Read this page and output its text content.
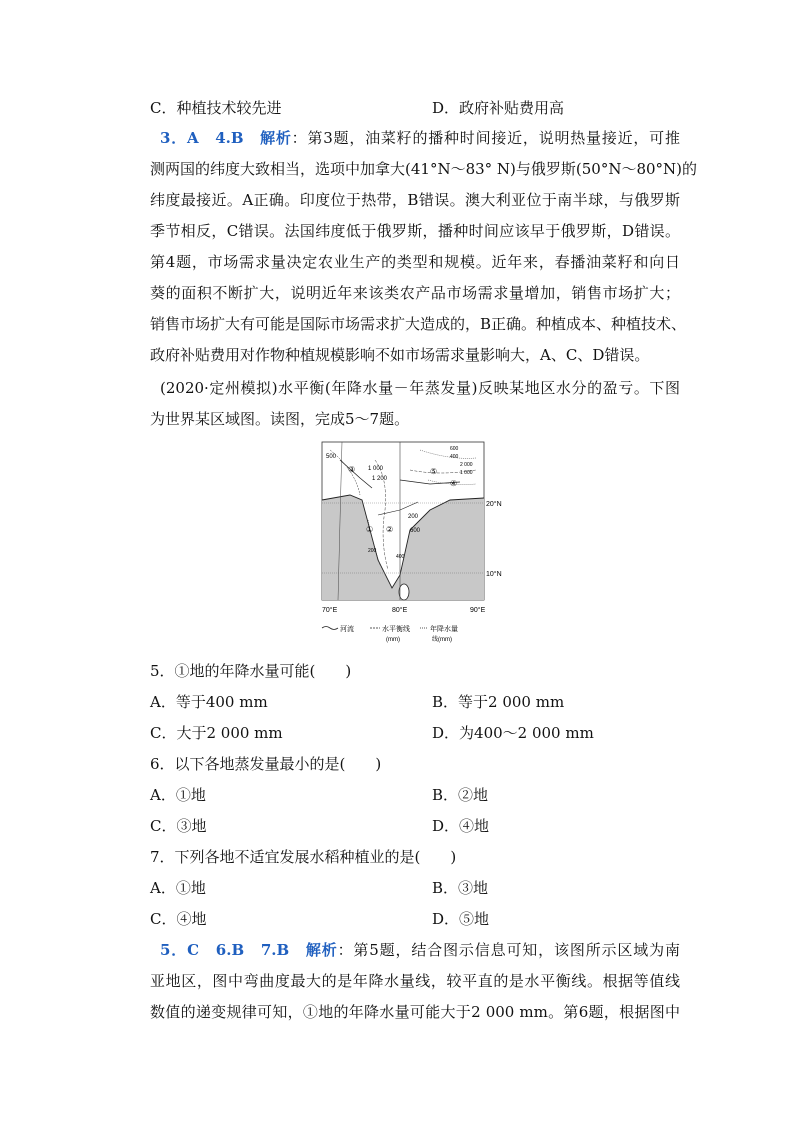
C．种植技术较先进	D．政府补贴费用高
3．A　 4.B　 解析：第3题，油菜籽的播种时间接近，说明热量接近，可推
测两国的纬度大致相当，选项中加拿大(41°N～83° N)与俄罗斯(50°N～80°N)的
纬度最接近。A正确。印度位于热带，B错误。澳大利亚位于南半球，与俄罗斯
季节相反，C错误。法国纬度低于俄罗斯，播种时间应该早于俄罗斯，D错误。
第4题，市场需求量决定农业生产的类型和规模。近年来，春播油菜籽和向日
葵的面积不断扩大，说明近年来该类农产品市场需求量增加，销售市场扩大；
销售市场扩大有可能是国际市场需求扩大造成的，B正确。种植成本、种植技术、
政府补贴费用对作物种植规模影响不如市场需求量影响大，A、C、D错误。
(2020·定州模拟)水平衡(年降水量－年蒸发量)反映某地区水分的盈亏。下图
为世界某区域图。读图，完成5～7题。
500
1 000
1 200
600
400
2 000
1 000
200
600
200
400
③	⑤
④
① ②
20°N
10°N
70°E	80°E	90°E
河流	水平衡线
(mm)
年降水量
线(mm)
5．①地的年降水量可能(　　)
A．等于400 mm	B．等于2 000 mm
C．大于2 000 mm	D．为400～2 000 mm
6．以下各地蒸发量最小的是(　　)
A．①地	B．②地
C．③地	D．④地
7．下列各地不适宜发展水稻种植业的是(　　)
A．①地	B．③地
C．④地	D．⑤地
5．C　 6.B　 7.B　 解析：第5题，结合图示信息可知，该图所示区域为南
亚地区，图中弯曲度最大的是年降水量线，较平直的是水平衡线。根据等值线
数值的递变规律可知，①地的年降水量可能大于2 000 mm。第6题，根据图中
